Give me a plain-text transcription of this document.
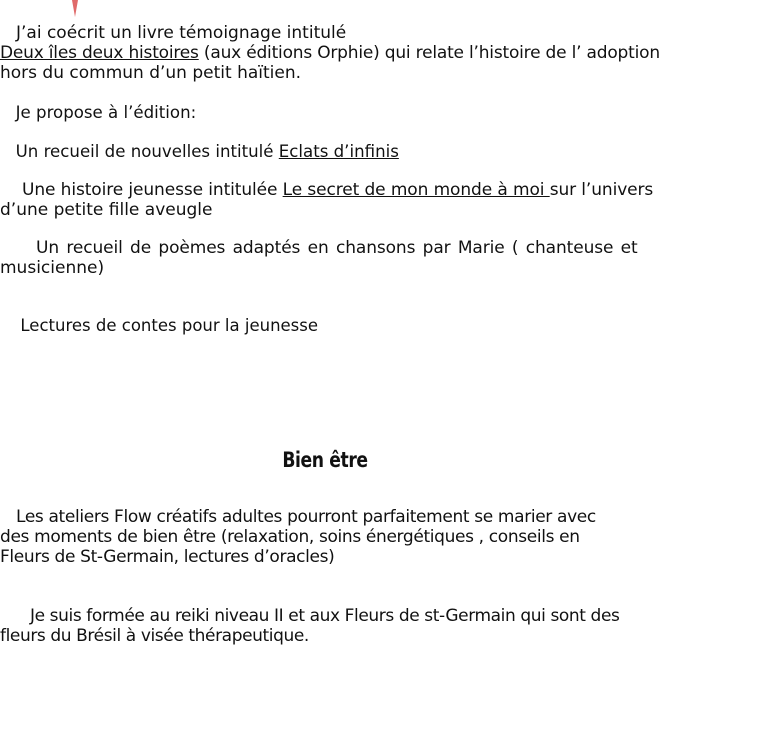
J’ai coécrit un livre témoignage intitulé
Deux îles deux histoires (aux éditions Orphie) qui relate l’histoire de l’ adoption
hors du commun d’un petit haïtien.
Je propose à l’édition:
Un recueil de nouvelles intitulé Eclats d’infinis
Une histoire jeunesse intitulée Le secret de mon monde à moi sur l’univers
d’une petite fille aveugle
Un recueil de poèmes adaptés en chansons par Marie ( chanteuse et
musicienne)
Lectures de contes pour la jeunesse
Bien être
Les ateliers Flow créatifs adultes pourront parfaitement se marier avec
des moments de bien être (relaxation, soins énergétiques , conseils en
Fleurs de St-Germain, lectures d’oracles)
Je suis formée au reiki niveau II et aux Fleurs de st-Germain qui sont des
fleurs du Brésil à visée thérapeutique.
